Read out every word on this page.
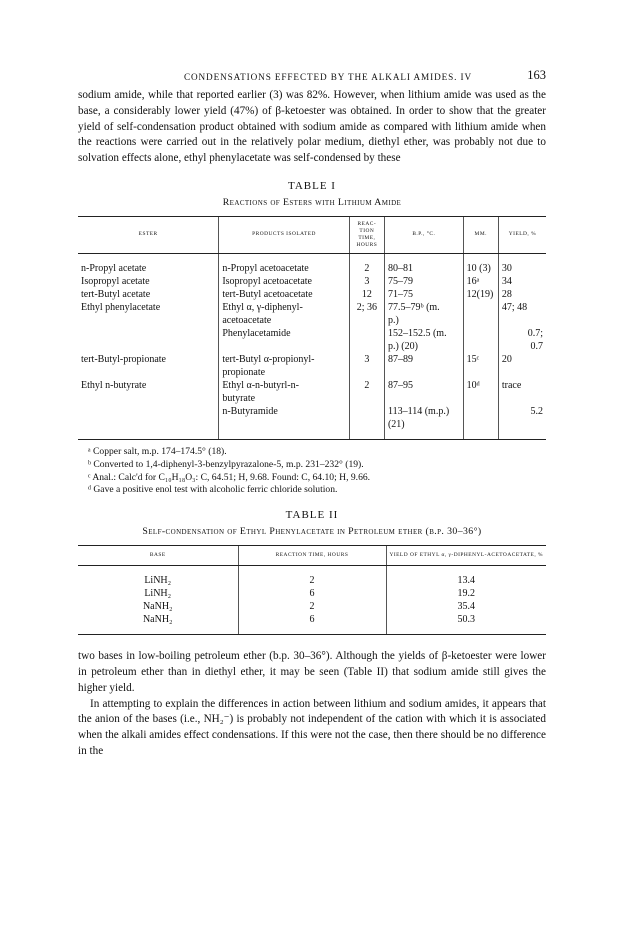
CONDENSATIONS EFFECTED BY THE ALKALI AMIDES. IV	163

sodium amide, while that reported earlier (3) was 82%. However, when lithium amide was used as the base, a considerably lower yield (47%) of β-ketoester was obtained. In order to show that the greater yield of self-condensation product obtained with sodium amide as compared with lithium amide when the reactions were carried out in the relatively polar medium, diethyl ether, was probably not due to solvation effects alone, ethyl phenylacetate was self-condensed by these

TABLE I
Reactions of Esters with Lithium Amide
ESTER	PRODUCTS ISOLATED	REAC- TION TIME, HOURS	B.P., °C.	MM.	YIELD, %
n-Propyl acetate	n-Propyl acetoacetate	2	80–81	10 (3)	30
Isopropyl acetate	Isopropyl acetoacetate	3	75–79	16ᵃ	34
tert-Butyl acetate	tert-Butyl acetoacetate	12	71–75	12(19)	28
Ethyl phenylacetate	Ethyl α, γ-diphenyl-	2; 36	77.5–79ᵇ (m.		47; 48
	acetoacetate		p.)		
	Phenylacetamide		152–152.5 (m.		0.7;
			p.) (20)		0.7
tert-Butyl-propionate	tert-Butyl α-propionyl-	3	87–89	15ᶜ	20
	propionate				
Ethyl n-butyrate	Ethyl α-n-butyrl-n-	2	87–95	10ᵈ	trace
	butyrate				
	n-Butyramide		113–114 (m.p.)		5.2
			(21)		
ᵃ Copper salt, m.p. 174–174.5° (18).
ᵇ Converted to 1,4-diphenyl-3-benzylpyrazalone-5, m.p. 231–232° (19).
ᶜ Anal.: Calc'd for C₁₀H₁₈O₃: C, 64.51; H, 9.68. Found: C, 64.10; H, 9.66.
ᵈ Gave a positive enol test with alcoholic ferric chloride solution.
TABLE II
Self-condensation of Ethyl Phenylacetate in Petroleum ether (b.p. 30–36°)
BASE	REACTION TIME, HOURS	YIELD OF ETHYL α, γ-DIPHENYL-ACETOACETATE, %
LiNH₂	2	13.4
LiNH₂	6	19.2
NaNH₂	2	35.4
NaNH₂	6	50.3

two bases in low-boiling petroleum ether (b.p. 30–36°). Although the yields of β-ketoester were lower in petroleum ether than in diethyl ether, it may be seen (Table II) that sodium amide still gives the higher yield.

In attempting to explain the differences in action between lithium and sodium amides, it appears that the anion of the bases (i.e., NH₂⁻) is probably not independent of the cation with which it is associated when the alkali amides effect condensations. If this were not the case, then there should be no difference in the
